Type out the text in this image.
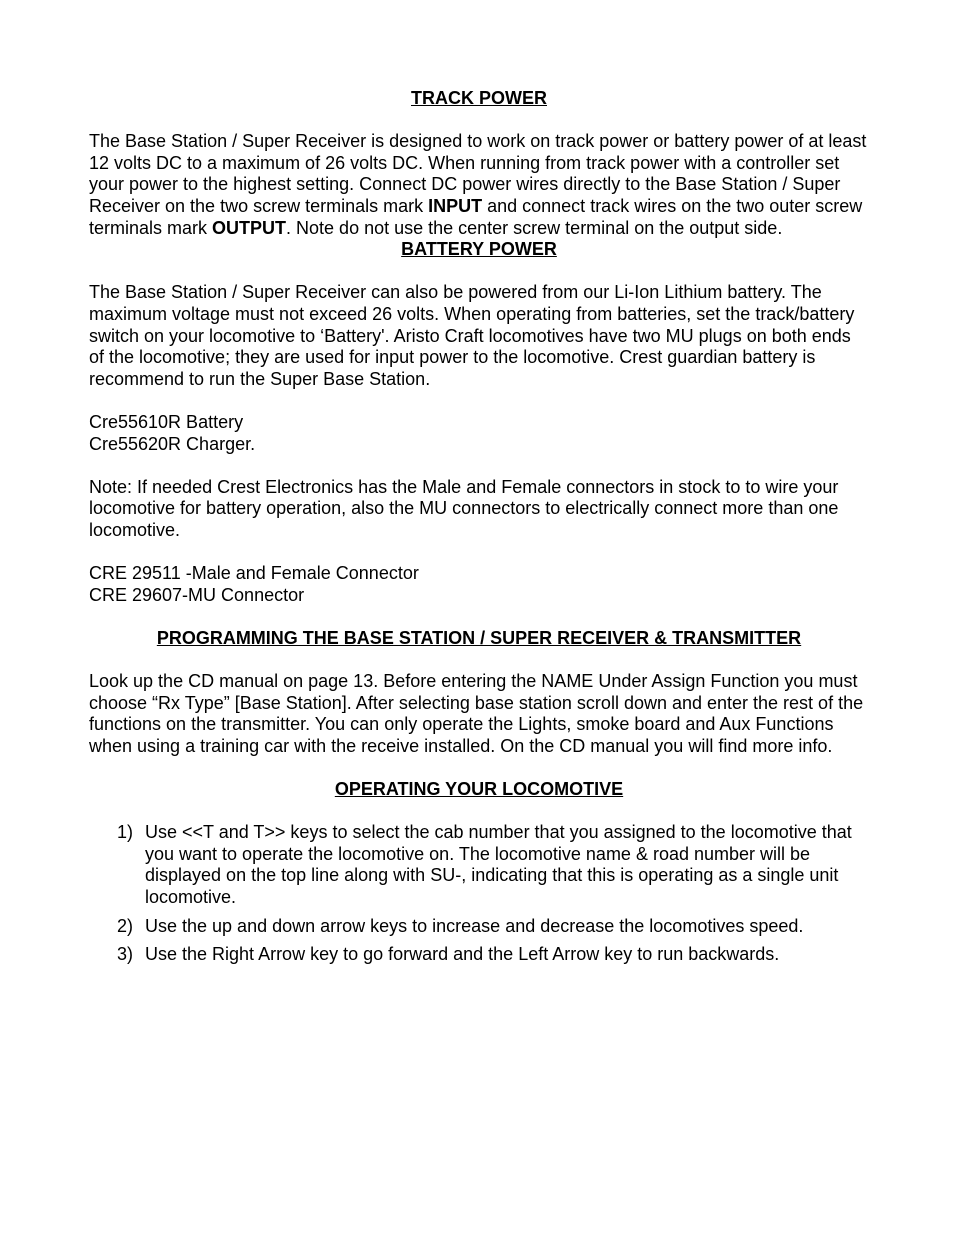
TRACK POWER

The Base Station / Super Receiver is designed to work on track power or battery power of at least 12 volts DC to a maximum of 26 volts DC. When running from track power with a controller set your power to the highest setting. Connect DC power wires directly to the Base Station / Super Receiver on the two screw terminals mark INPUT and connect track wires on the two outer screw terminals mark OUTPUT. Note do not use the center screw terminal on the output side.

BATTERY POWER

The Base Station / Super Receiver can also be powered from our Li-Ion Lithium battery. The maximum voltage must not exceed 26 volts. When operating from batteries, set the track/battery switch on your locomotive to ‘Battery'. Aristo Craft locomotives have two MU plugs on both ends of the locomotive; they are used for input power to the locomotive. Crest guardian battery is recommend to run the Super Base Station.

Cre55610R Battery

Cre55620R Charger.

Note: If needed Crest Electronics has the Male and Female connectors in stock to to wire your locomotive for battery operation, also the MU connectors to electrically connect more than one locomotive.

CRE 29511 -Male and Female Connector

CRE 29607-MU Connector

PROGRAMMING THE BASE STATION / SUPER RECEIVER & TRANSMITTER

Look up the CD manual on page 13. Before entering the NAME Under Assign Function you must choose “Rx Type” [Base Station]. After selecting base station scroll down and enter the rest of the functions on the transmitter. You can only operate the Lights, smoke board and Aux Functions when using a training car with the receive installed. On the CD manual you will find more info.

OPERATING YOUR LOCOMOTIVE
1) Use <<T and T>> keys to select the cab number that you assigned to the locomotive that you want to operate the locomotive on. The locomotive name & road number will be displayed on the top line along with SU-, indicating that this is operating as a single unit locomotive.
2) Use the up and down arrow keys to increase and decrease the locomotives speed.
3) Use the Right Arrow key to go forward and the Left Arrow key to run backwards.
